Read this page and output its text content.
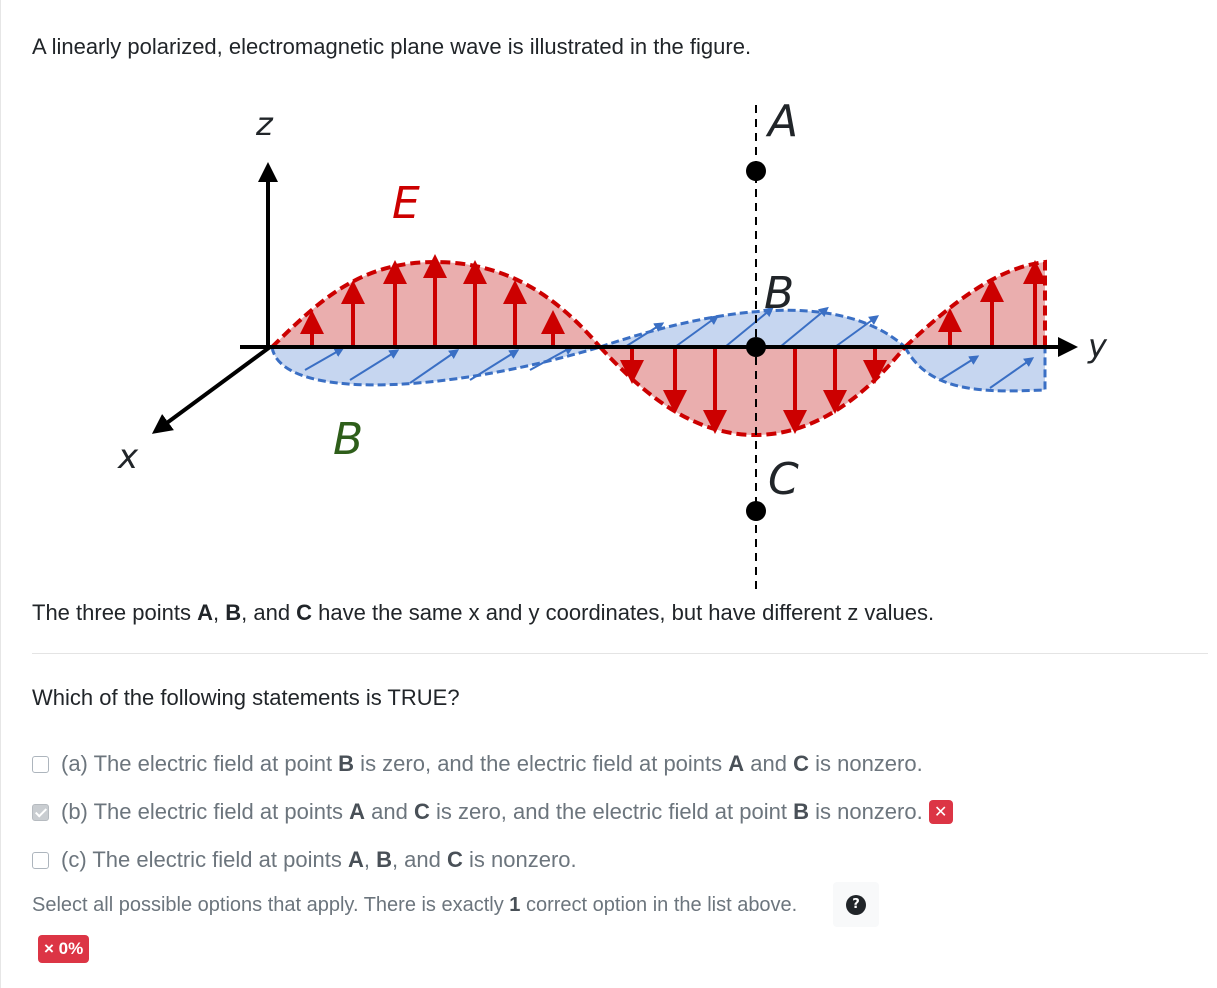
A linearly polarized, electromagnetic plane wave is illustrated in the figure.
z
x
y
E
B
A
B
C
The three points A, B, and C have the same x and y coordinates, but have different z values.
Which of the following statements is TRUE?
(a) The electric field at point B is zero, and the electric field at points A and C is nonzero.
(b) The electric field at points A and C is zero, and the electric field at point B is nonzero. ✕
(c) The electric field at points A, B, and C is nonzero.
Select all possible options that apply. There is exactly 1 correct option in the list above.	?
× 0%
